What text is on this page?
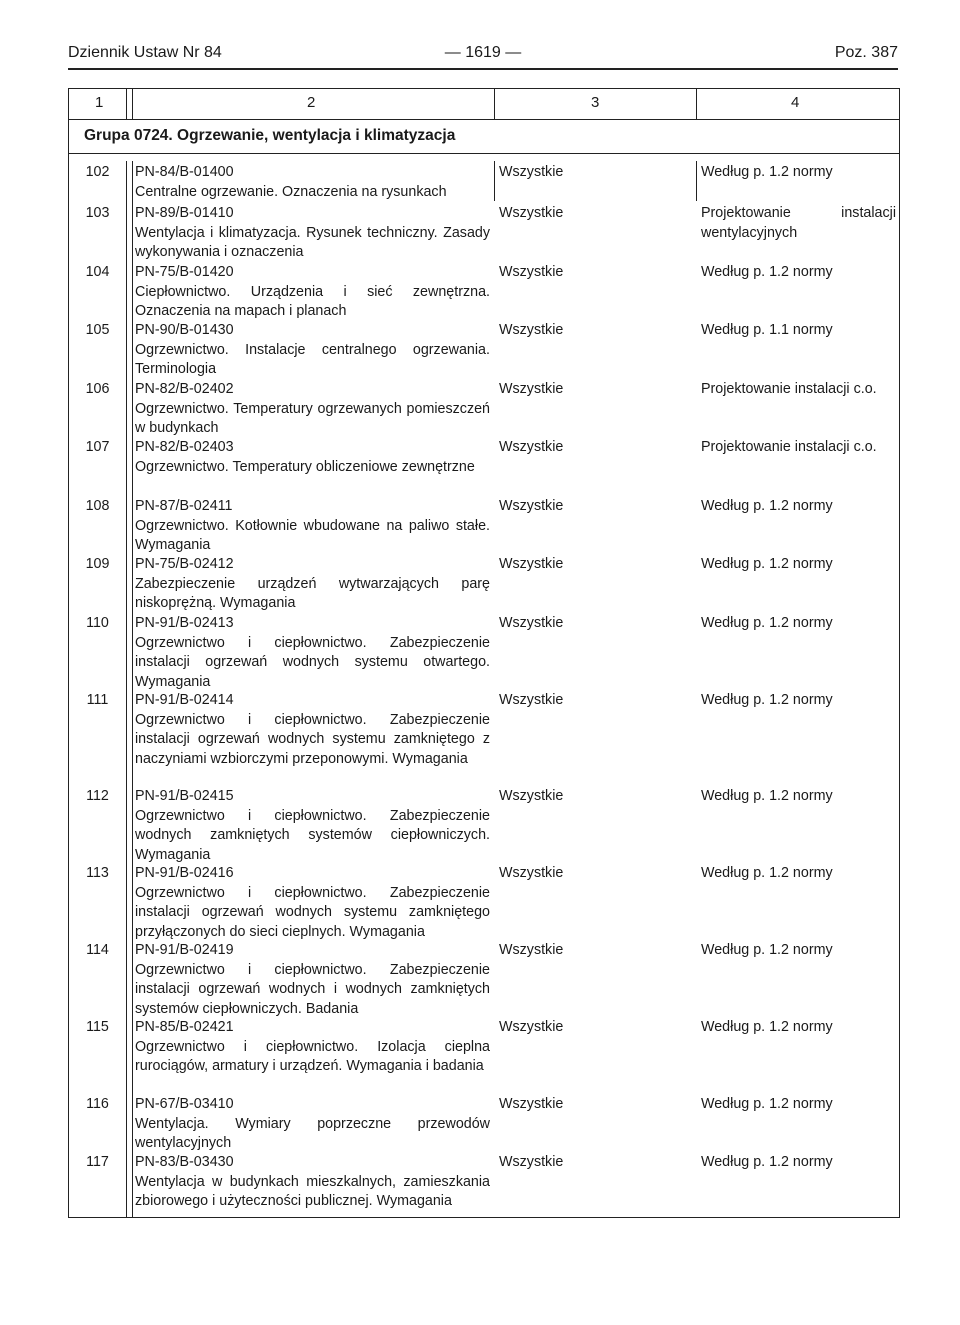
Dziennik Ustaw Nr 84	— 1619 —	Poz. 387
1	2	3	4
Grupa 0724. Ogrzewanie, wentylacja i klimatyzacja
102	PN-84/B-01400
Centralne ogrzewanie. Oznaczenia na rysunkach
Wszystkie	Według p. 1.2 normy
103	PN-89/B-01410
Wentylacja i klimatyzacja. Rysunek techniczny. Zasady wykonywania i oznaczenia
Wszystkie	Projektowanie instalacji wentylacyjnych
104	PN-75/B-01420
Ciepłownictwo. Urządzenia i sieć zewnętrzna. Oznaczenia na mapach i planach
Wszystkie	Według p. 1.2 normy
105	PN-90/B-01430
Ogrzewnictwo. Instalacje centralnego ogrzewania. Terminologia
Wszystkie	Według p. 1.1 normy
106	PN-82/B-02402
Ogrzewnictwo. Temperatury ogrzewanych pomieszczeń w budynkach
Wszystkie	Projektowanie instalacji c.o.
107	PN-82/B-02403
Ogrzewnictwo. Temperatury obliczeniowe zewnętrzne
Wszystkie	Projektowanie instalacji c.o.
108	PN-87/B-02411
Ogrzewnictwo. Kotłownie wbudowane na paliwo stałe. Wymagania
Wszystkie	Według p. 1.2 normy
109	PN-75/B-02412
Zabezpieczenie urządzeń wytwarzających parę niskoprężną. Wymagania
Wszystkie	Według p. 1.2 normy
110	PN-91/B-02413
Ogrzewnictwo i ciepłownictwo. Zabezpieczenie instalacji ogrzewań wodnych systemu otwartego. Wymagania
Wszystkie	Według p. 1.2 normy
111	PN-91/B-02414
Ogrzewnictwo i ciepłownictwo. Zabezpieczenie instalacji ogrzewań wodnych systemu zamkniętego z naczyniami wzbiorczymi przeponowymi. Wymagania
Wszystkie	Według p. 1.2 normy
112	PN-91/B-02415
Ogrzewnictwo i ciepłownictwo. Zabezpieczenie wodnych zamkniętych systemów ciepłowniczych. Wymagania
Wszystkie	Według p. 1.2 normy
113	PN-91/B-02416
Ogrzewnictwo i ciepłownictwo. Zabezpieczenie instalacji ogrzewań wodnych systemu zamkniętego przyłączonych do sieci cieplnych. Wymagania
Wszystkie	Według p. 1.2 normy
114	PN-91/B-02419
Ogrzewnictwo i ciepłownictwo. Zabezpieczenie instalacji ogrzewań wodnych i wodnych zamkniętych systemów ciepłowniczych. Badania
Wszystkie	Według p. 1.2 normy
115	PN-85/B-02421
Ogrzewnictwo i ciepłownictwo. Izolacja cieplna rurociągów, armatury i urządzeń. Wymagania i badania
Wszystkie	Według p. 1.2 normy
116	PN-67/B-03410
Wentylacja. Wymiary poprzeczne przewodów wentylacyjnych
Wszystkie	Według p. 1.2 normy
117	PN-83/B-03430
Wentylacja w budynkach mieszkalnych, zamieszkania zbiorowego i użyteczności publicznej. Wymagania
Wszystkie	Według p. 1.2 normy
